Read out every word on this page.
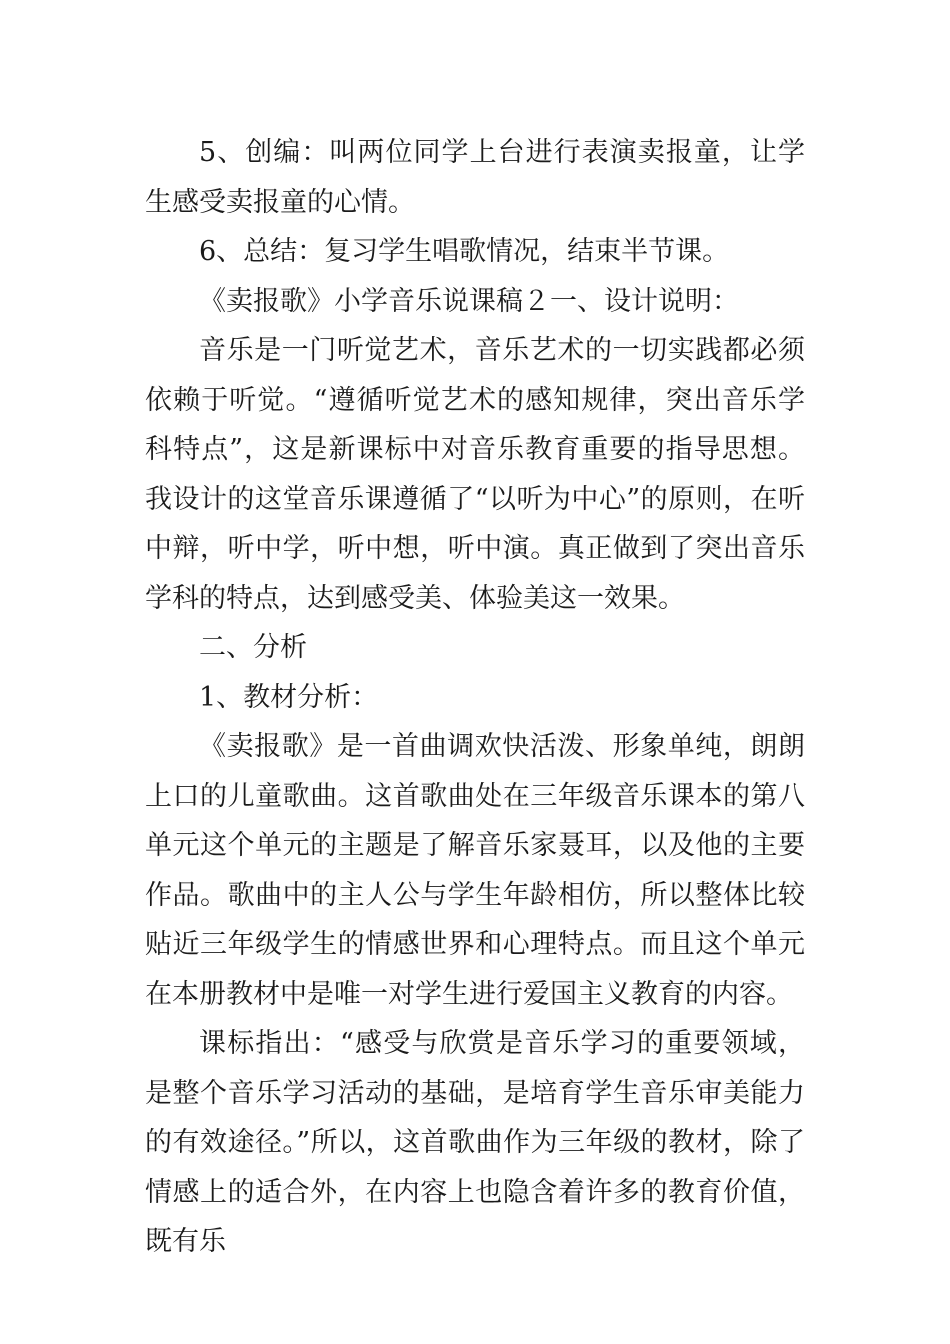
5、创编：叫两位同学上台进行表演卖报童，让学生感受卖报童的心情。

6、总结：复习学生唱歌情况，结束半节课。

《卖报歌》小学音乐说课稿２一、设计说明：

音乐是一门听觉艺术，音乐艺术的一切实践都必须依赖于听觉。“遵循听觉艺术的感知规律，突出音乐学科特点”，这是新课标中对音乐教育重要的指导思想。我设计的这堂音乐课遵循了“以听为中心”的原则，在听中辩，听中学，听中想，听中演。真正做到了突出音乐学科的特点，达到感受美、体验美这一效果。

二、分析

1、教材分析：

《卖报歌》是一首曲调欢快活泼、形象单纯，朗朗上口的儿童歌曲。这首歌曲处在三年级音乐课本的第八单元这个单元的主题是了解音乐家聂耳，以及他的主要作品。歌曲中的主人公与学生年龄相仿，所以整体比较贴近三年级学生的情感世界和心理特点。而且这个单元在本册教材中是唯一对学生进行爱国主义教育的内容。

课标指出：“感受与欣赏是音乐学习的重要领域，是整个音乐学习活动的基础，是培育学生音乐审美能力的有效途径。”所以，这首歌曲作为三年级的教材，除了情感上的适合外，在内容上也隐含着许多的教育价值，既有乐
